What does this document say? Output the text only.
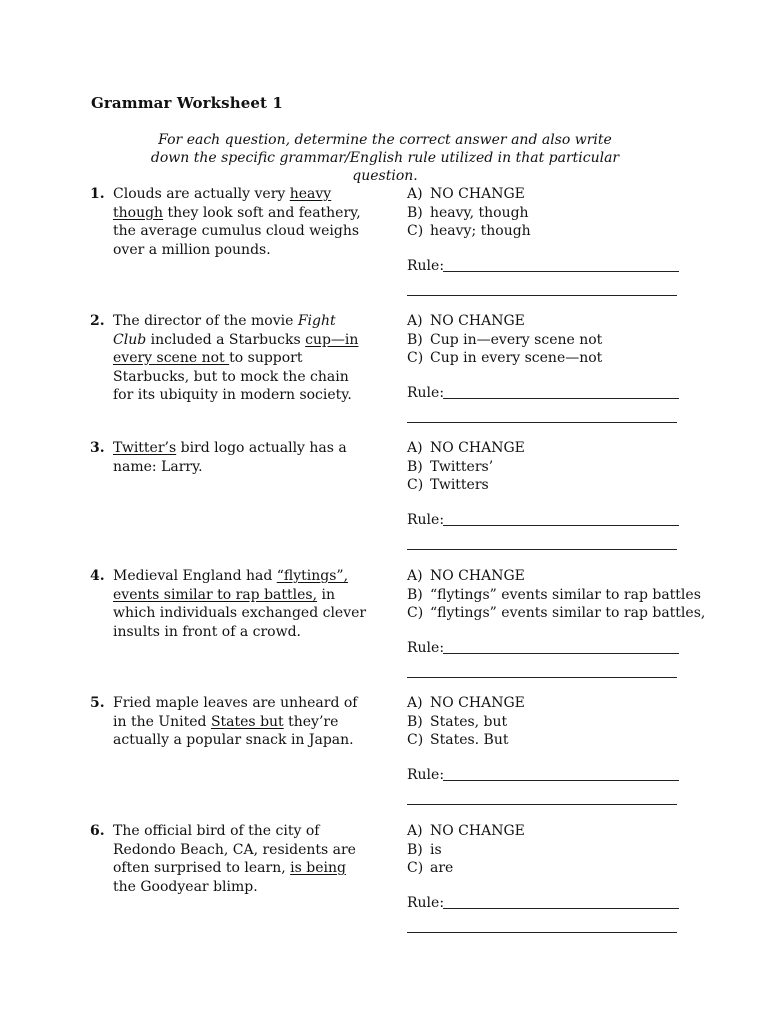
Grammar Worksheet 1
For each question, determine the correct answer and also write down the specific grammar/English rule utilized in that particular question.
1. Clouds are actually very heavy though they look soft and feathery, the average cumulus cloud weighs over a million pounds.
A) NO CHANGE
B) heavy, though
C) heavy; though
Rule:
2. The director of the movie Fight Club included a Starbucks cup—in every scene not to support Starbucks, but to mock the chain for its ubiquity in modern society.
A) NO CHANGE
B) Cup in—every scene not
C) Cup in every scene—not
Rule:
3. Twitter’s bird logo actually has a name: Larry.
A) NO CHANGE
B) Twitters’
C) Twitters
Rule:
4. Medieval England had “flytings”, events similar to rap battles, in which individuals exchanged clever insults in front of a crowd.
A) NO CHANGE
B) “flytings” events similar to rap battles
C) “flytings” events similar to rap battles,
Rule:
5. Fried maple leaves are unheard of in the United States but they’re actually a popular snack in Japan.
A) NO CHANGE
B) States, but
C) States. But
Rule:
6. The official bird of the city of Redondo Beach, CA, residents are often surprised to learn, is being the Goodyear blimp.
A) NO CHANGE
B) is
C) are
Rule:
